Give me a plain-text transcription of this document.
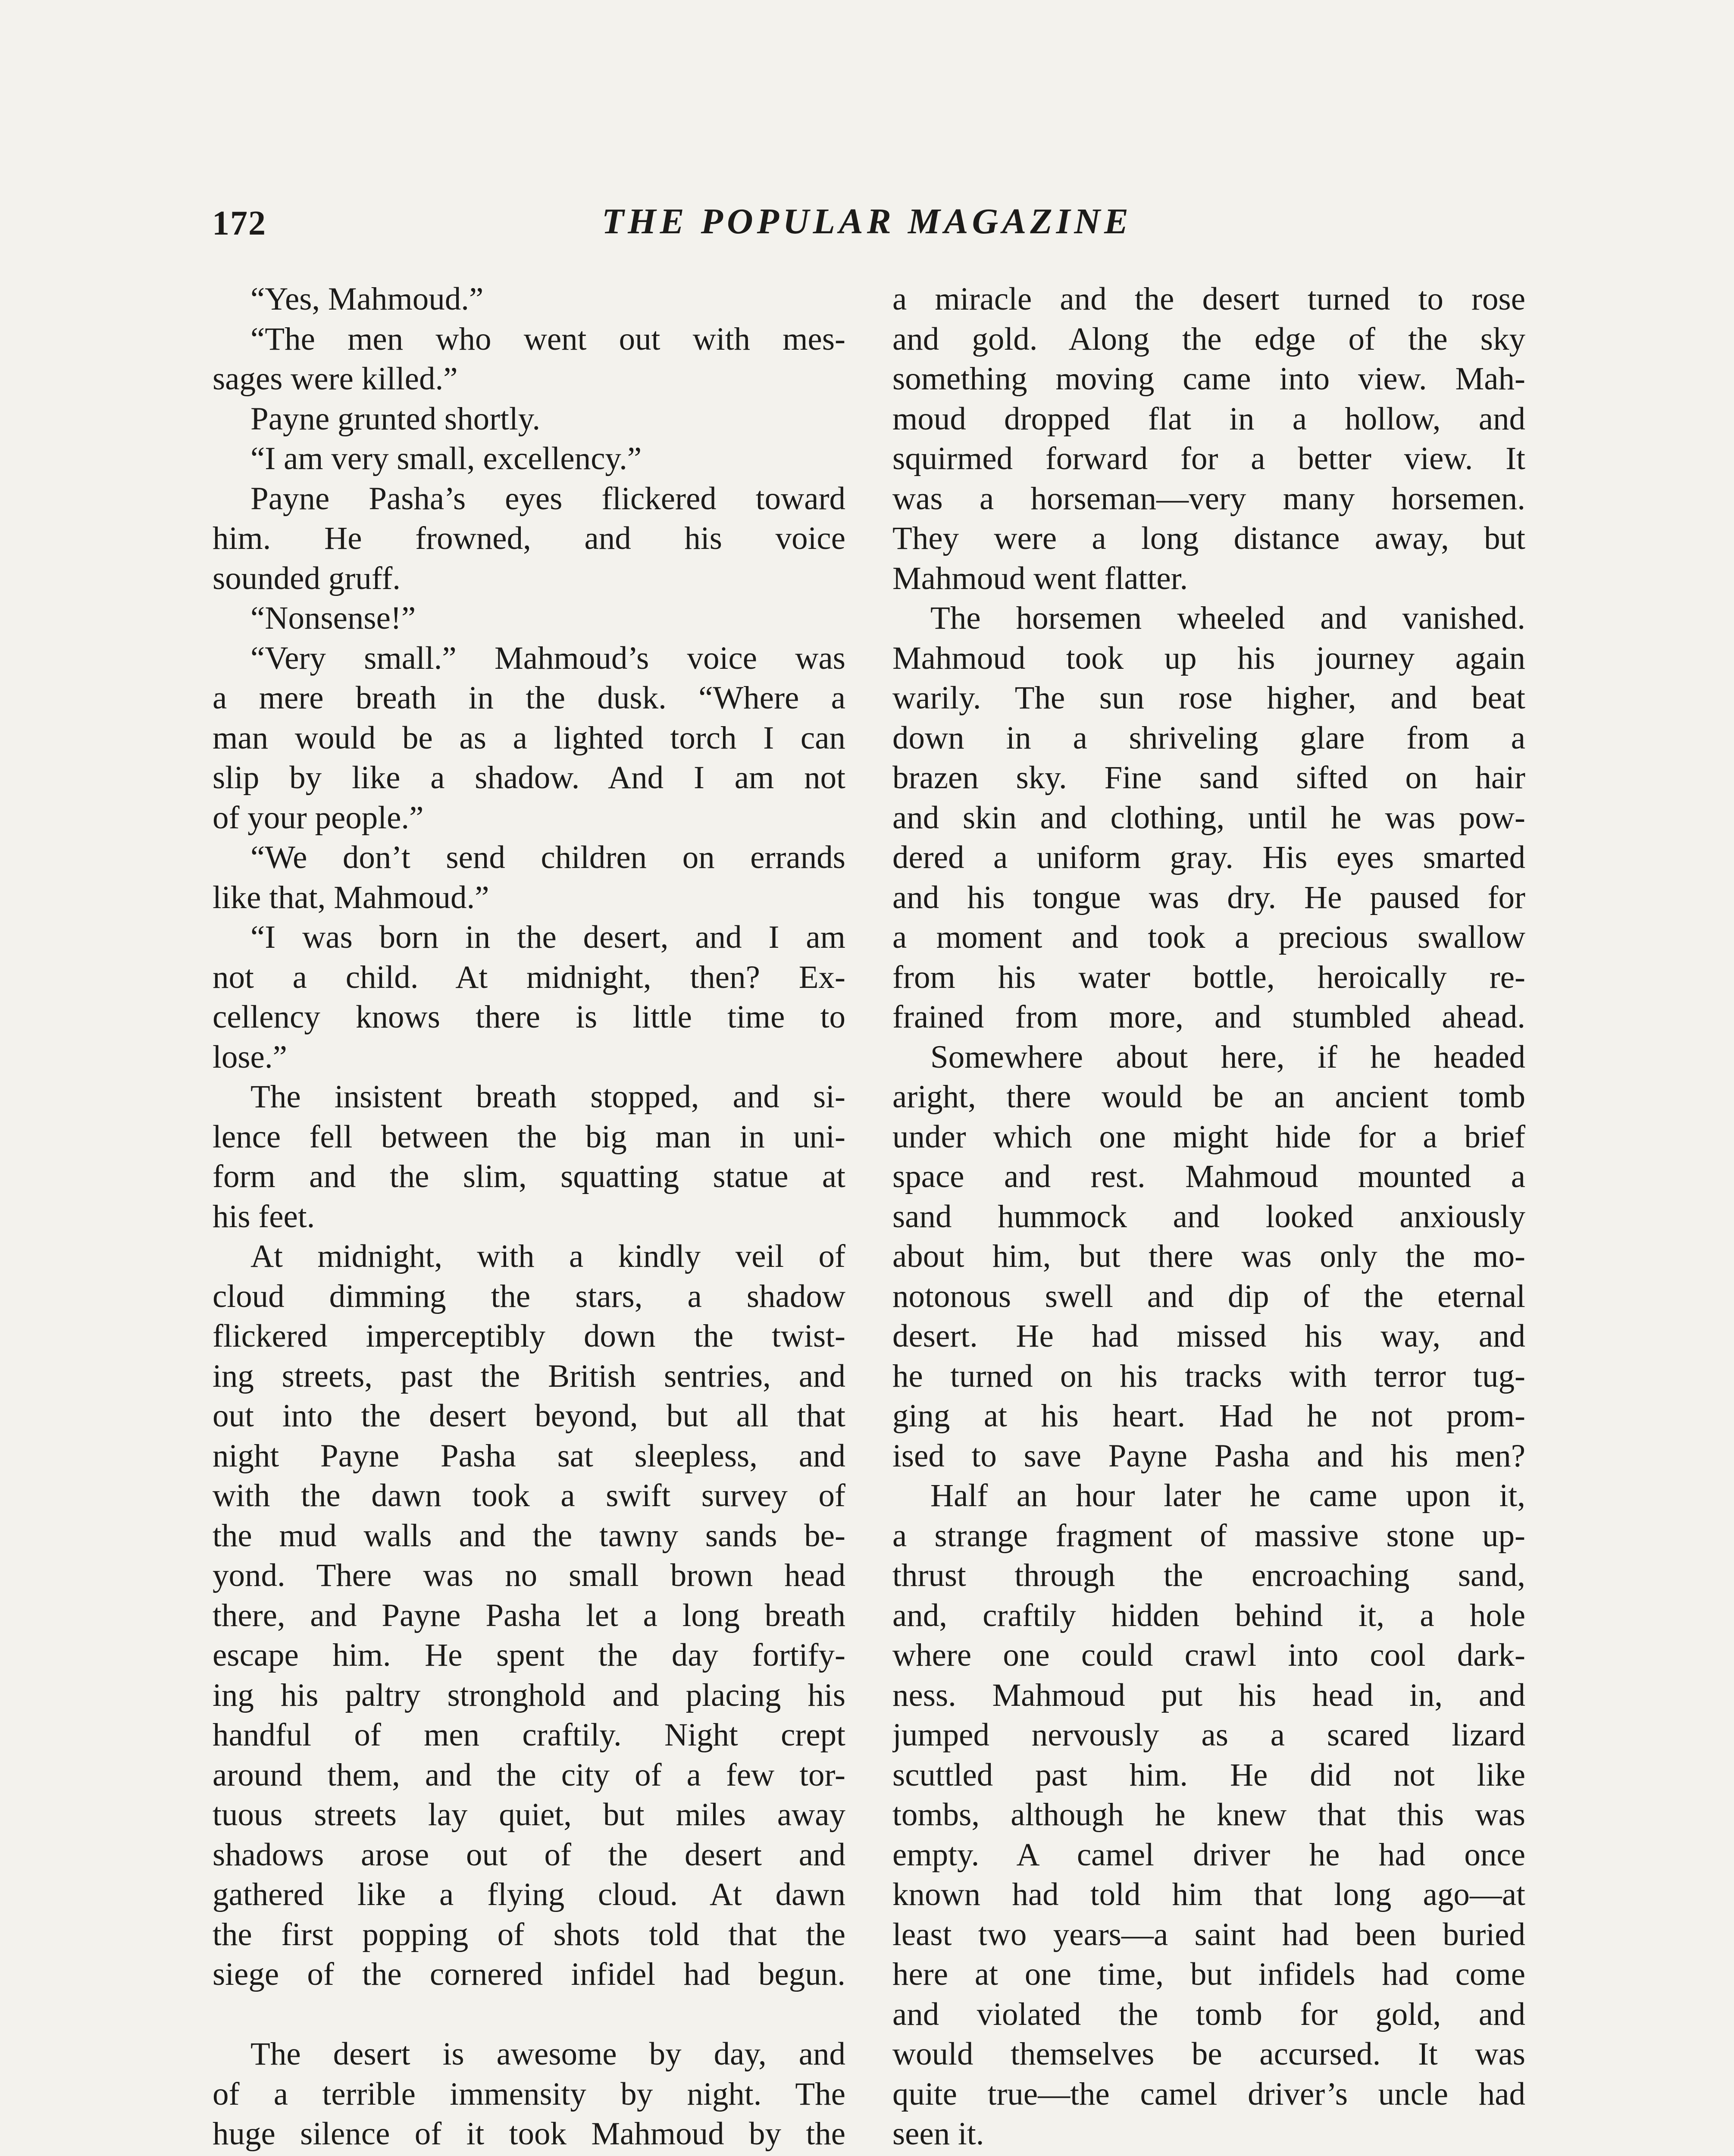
172	THE POPULAR MAGAZINE
“Yes, Mahmoud.”
“The men who went out with mes-
sages were killed.”
Payne grunted shortly.
“I am very small, excellency.”
Payne Pasha’s eyes flickered toward
him. He frowned, and his voice
sounded gruff.
“Nonsense!”
“Very small.” Mahmoud’s voice was
a mere breath in the dusk. “Where a
man would be as a lighted torch I can
slip by like a shadow. And I am not
of your people.”
“We don’t send children on errands
like that, Mahmoud.”
“I was born in the desert, and I am
not a child. At midnight, then? Ex-
cellency knows there is little time to
lose.”
The insistent breath stopped, and si-
lence fell between the big man in uni-
form and the slim, squatting statue at
his feet.
At midnight, with a kindly veil of
cloud dimming the stars, a shadow
flickered imperceptibly down the twist-
ing streets, past the British sentries, and
out into the desert beyond, but all that
night Payne Pasha sat sleepless, and
with the dawn took a swift survey of
the mud walls and the tawny sands be-
yond. There was no small brown head
there, and Payne Pasha let a long breath
escape him. He spent the day fortify-
ing his paltry stronghold and placing his
handful of men craftily. Night crept
around them, and the city of a few tor-
tuous streets lay quiet, but miles away
shadows arose out of the desert and
gathered like a flying cloud. At dawn
the first popping of shots told that the
siege of the cornered infidel had begun.
The desert is awesome by day, and
of a terrible immensity by night. The
huge silence of it took Mahmoud by the
a miracle and the desert turned to rose
and gold. Along the edge of the sky
something moving came into view. Mah-
moud dropped flat in a hollow, and
squirmed forward for a better view. It
was a horseman—very many horsemen.
They were a long distance away, but
Mahmoud went flatter.
The horsemen wheeled and vanished.
Mahmoud took up his journey again
warily. The sun rose higher, and beat
down in a shriveling glare from a
brazen sky. Fine sand sifted on hair
and skin and clothing, until he was pow-
dered a uniform gray. His eyes smarted
and his tongue was dry. He paused for
a moment and took a precious swallow
from his water bottle, heroically re-
frained from more, and stumbled ahead.
Somewhere about here, if he headed
aright, there would be an ancient tomb
under which one might hide for a brief
space and rest. Mahmoud mounted a
sand hummock and looked anxiously
about him, but there was only the mo-
notonous swell and dip of the eternal
desert. He had missed his way, and
he turned on his tracks with terror tug-
ging at his heart. Had he not prom-
ised to save Payne Pasha and his men?
Half an hour later he came upon it,
a strange fragment of massive stone up-
thrust through the encroaching sand,
and, craftily hidden behind it, a hole
where one could crawl into cool dark-
ness. Mahmoud put his head in, and
jumped nervously as a scared lizard
scuttled past him. He did not like
tombs, although he knew that this was
empty. A camel driver he had once
known had told him that long ago—at
least two years—a saint had been buried
here at one time, but infidels had come
and violated the tomb for gold, and
would themselves be accursed. It was
quite true—the camel driver’s uncle had
seen it.
